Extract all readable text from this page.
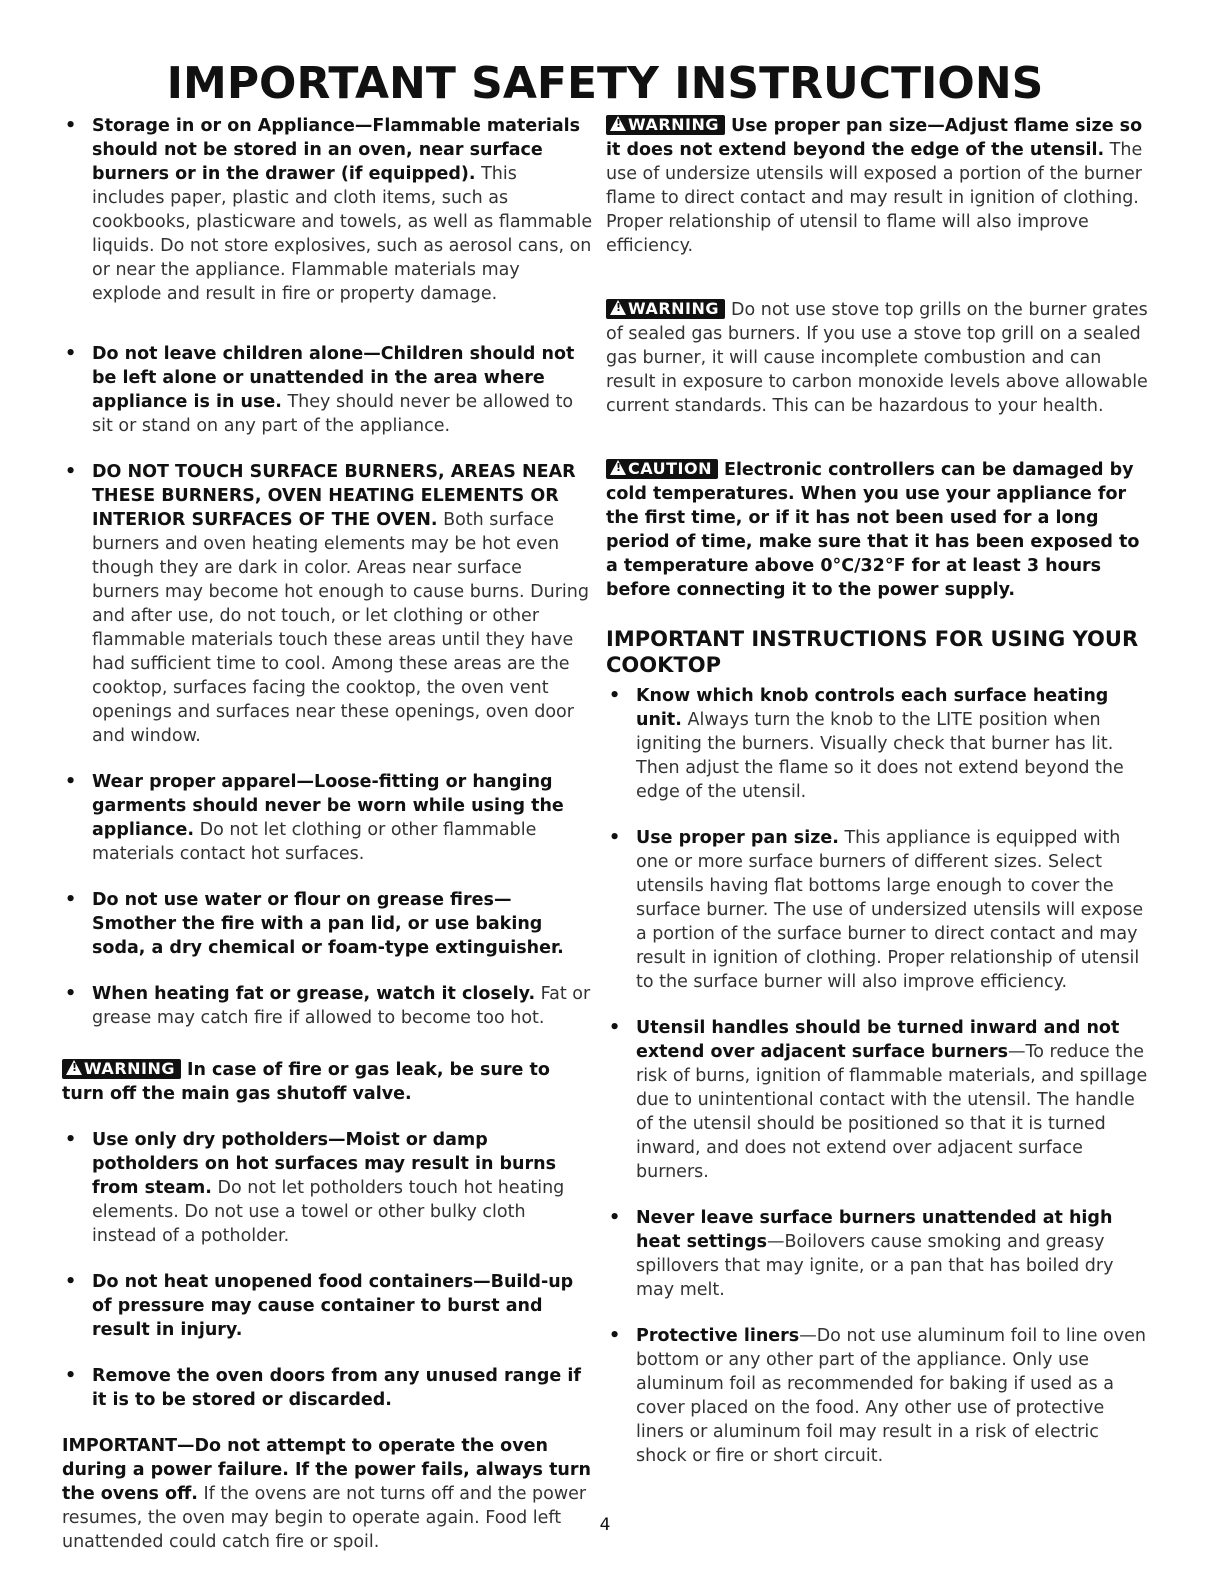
IMPORTANT SAFETY INSTRUCTIONS
• Storage in or on Appliance—Flammable materials should not be stored in an oven, near surface burners or in the drawer (if equipped). This includes paper, plastic and cloth items, such as cookbooks, plasticware and towels, as well as flammable liquids. Do not store explosives, such as aerosol cans, on or near the appliance. Flammable materials may explode and result in fire or property damage.
• Do not leave children alone—Children should not be left alone or unattended in the area where appliance is in use. They should never be allowed to sit or stand on any part of the appliance.
• DO NOT TOUCH SURFACE BURNERS, AREAS NEAR THESE BURNERS, OVEN HEATING ELEMENTS OR INTERIOR SURFACES OF THE OVEN. Both surface burners and oven heating elements may be hot even though they are dark in color. Areas near surface burners may become hot enough to cause burns. During and after use, do not touch, or let clothing or other flammable materials touch these areas until they have had sufficient time to cool. Among these areas are the cooktop, surfaces facing the cooktop, the oven vent openings and surfaces near these openings, oven door and window.
• Wear proper apparel—Loose-fitting or hanging garments should never be worn while using the appliance. Do not let clothing or other flammable materials contact hot surfaces.
• Do not use water or flour on grease fires—Smother the fire with a pan lid, or use baking soda, a dry chemical or foam-type extinguisher.
• When heating fat or grease, watch it closely. Fat or grease may catch fire if allowed to become too hot.

!WARNING In case of fire or gas leak, be sure to turn off the main gas shutoff valve.

• Use only dry potholders—Moist or damp potholders on hot surfaces may result in burns from steam. Do not let potholders touch hot heating elements. Do not use a towel or other bulky cloth instead of a potholder.
• Do not heat unopened food containers—Build-up of pressure may cause container to burst and result in injury.
• Remove the oven doors from any unused range if it is to be stored or discarded.

IMPORTANT—Do not attempt to operate the oven during a power failure. If the power fails, always turn the ovens off. If the ovens are not turns off and the power resumes, the oven may begin to operate again. Food left unattended could catch fire or spoil.

!WARNING Use proper pan size—Adjust flame size so it does not extend beyond the edge of the utensil. The use of undersize utensils will exposed a portion of the burner flame to direct contact and may result in ignition of clothing. Proper relationship of utensil to flame will also improve efficiency.

!WARNING Do not use stove top grills on the burner grates of sealed gas burners. If you use a stove top grill on a sealed gas burner, it will cause incomplete combustion and can result in exposure to carbon monoxide levels above allowable current standards. This can be hazardous to your health.

!CAUTION Electronic controllers can be damaged by cold temperatures. When you use your appliance for the first time, or if it has not been used for a long period of time, make sure that it has been exposed to a temperature above 0°C/32°F for at least 3 hours before connecting it to the power supply.

IMPORTANT INSTRUCTIONS FOR USING YOUR COOKTOP
• Know which knob controls each surface heating unit. Always turn the knob to the LITE position when igniting the burners. Visually check that burner has lit. Then adjust the flame so it does not extend beyond the edge of the utensil.
• Use proper pan size. This appliance is equipped with one or more surface burners of different sizes. Select utensils having flat bottoms large enough to cover the surface burner. The use of undersized utensils will expose a portion of the surface burner to direct contact and may result in ignition of clothing. Proper relationship of utensil to the surface burner will also improve efficiency.
• Utensil handles should be turned inward and not extend over adjacent surface burners—To reduce the risk of burns, ignition of flammable materials, and spillage due to unintentional contact with the utensil. The handle of the utensil should be positioned so that it is turned inward, and does not extend over adjacent surface burners.
• Never leave surface burners unattended at high heat settings—Boilovers cause smoking and greasy spillovers that may ignite, or a pan that has boiled dry may melt.
• Protective liners—Do not use aluminum foil to line oven bottom or any other part of the appliance. Only use aluminum foil as recommended for baking if used as a cover placed on the food. Any other use of protective liners or aluminum foil may result in a risk of electric shock or fire or short circuit.
4
